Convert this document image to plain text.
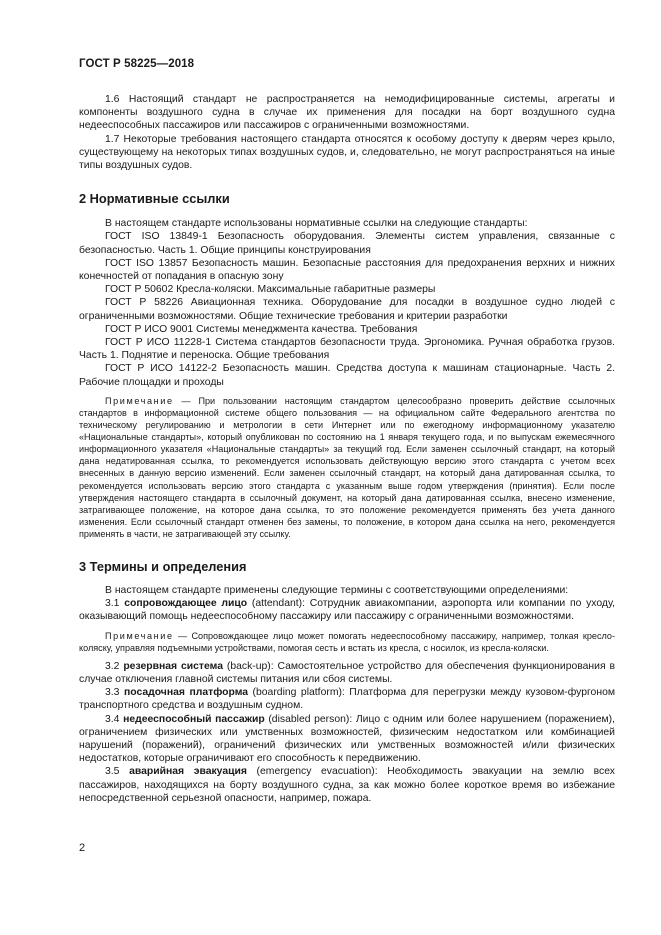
ГОСТ Р 58225—2018

1.6 Настоящий стандарт не распространяется на немодифицированные системы, агрегаты и компоненты воздушного судна в случае их применения для посадки на борт воздушного судна недееспособных пассажиров или пассажиров с ограниченными возможностями.

1.7 Некоторые требования настоящего стандарта относятся к особому доступу к дверям через крыло, существующему на некоторых типах воздушных судов, и, следовательно, не могут распространяться на иные типы воздушных судов.

2 Нормативные ссылки

В настоящем стандарте использованы нормативные ссылки на следующие стандарты:

ГОСТ ISO 13849-1 Безопасность оборудования. Элементы систем управления, связанные с безопасностью. Часть 1. Общие принципы конструирования

ГОСТ ISO 13857 Безопасность машин. Безопасные расстояния для предохранения верхних и нижних конечностей от попадания в опасную зону

ГОСТ Р 50602 Кресла-коляски. Максимальные габаритные размеры

ГОСТ Р 58226 Авиационная техника. Оборудование для посадки в воздушное судно людей с ограниченными возможностями. Общие технические требования и критерии разработки

ГОСТ Р ИСО 9001 Системы менеджмента качества. Требования

ГОСТ Р ИСО 11228-1 Система стандартов безопасности труда. Эргономика. Ручная обработка грузов. Часть 1. Поднятие и переноска. Общие требования

ГОСТ Р ИСО 14122-2 Безопасность машин. Средства доступа к машинам стационарные. Часть 2. Рабочие площадки и проходы

Примечание — При пользовании настоящим стандартом целесообразно проверить действие ссылочных стандартов в информационной системе общего пользования — на официальном сайте Федерального агентства по техническому регулированию и метрологии в сети Интернет или по ежегодному информационному указателю «Национальные стандарты», который опубликован по состоянию на 1 января текущего года, и по выпускам ежемесячного информационного указателя «Национальные стандарты» за текущий год. Если заменен ссылочный стандарт, на который дана недатированная ссылка, то рекомендуется использовать действующую версию этого стандарта с учетом всех внесенных в данную версию изменений. Если заменен ссылочный стандарт, на который дана датированная ссылка, то рекомендуется использовать версию этого стандарта с указанным выше годом утверждения (принятия). Если после утверждения настоящего стандарта в ссылочный документ, на который дана датированная ссылка, внесено изменение, затрагивающее положение, на которое дана ссылка, то это положение рекомендуется применять без учета данного изменения. Если ссылочный стандарт отменен без замены, то положение, в котором дана ссылка на него, рекомендуется применять в части, не затрагивающей эту ссылку.

3 Термины и определения

В настоящем стандарте применены следующие термины с соответствующими определениями:

3.1 сопровождающее лицо (attendant): Сотрудник авиакомпании, аэропорта или компании по уходу, оказывающий помощь недееспособному пассажиру или пассажиру с ограниченными возможностями.

Примечание — Сопровождающее лицо может помогать недееспособному пассажиру, например, толкая кресло-коляску, управляя подъемными устройствами, помогая сесть и встать из кресла, с носилок, из кресла-коляски.

3.2 резервная система (back-up): Самостоятельное устройство для обеспечения функционирования в случае отключения главной системы питания или сбоя системы.

3.3 посадочная платформа (boarding platform): Платформа для перегрузки между кузовом-фургоном транспортного средства и воздушным судном.

3.4 недееспособный пассажир (disabled person): Лицо с одним или более нарушением (поражением), ограничением физических или умственных возможностей, физическим недостатком или комбинацией нарушений (поражений), ограничений физических или умственных возможностей и/или физических недостатков, которые ограничивают его способность к передвижению.

3.5 аварийная эвакуация (emergency evacuation): Необходимость эвакуации на землю всех пассажиров, находящихся на борту воздушного судна, за как можно более короткое время во избежание непосредственной серьезной опасности, например, пожара.

2
